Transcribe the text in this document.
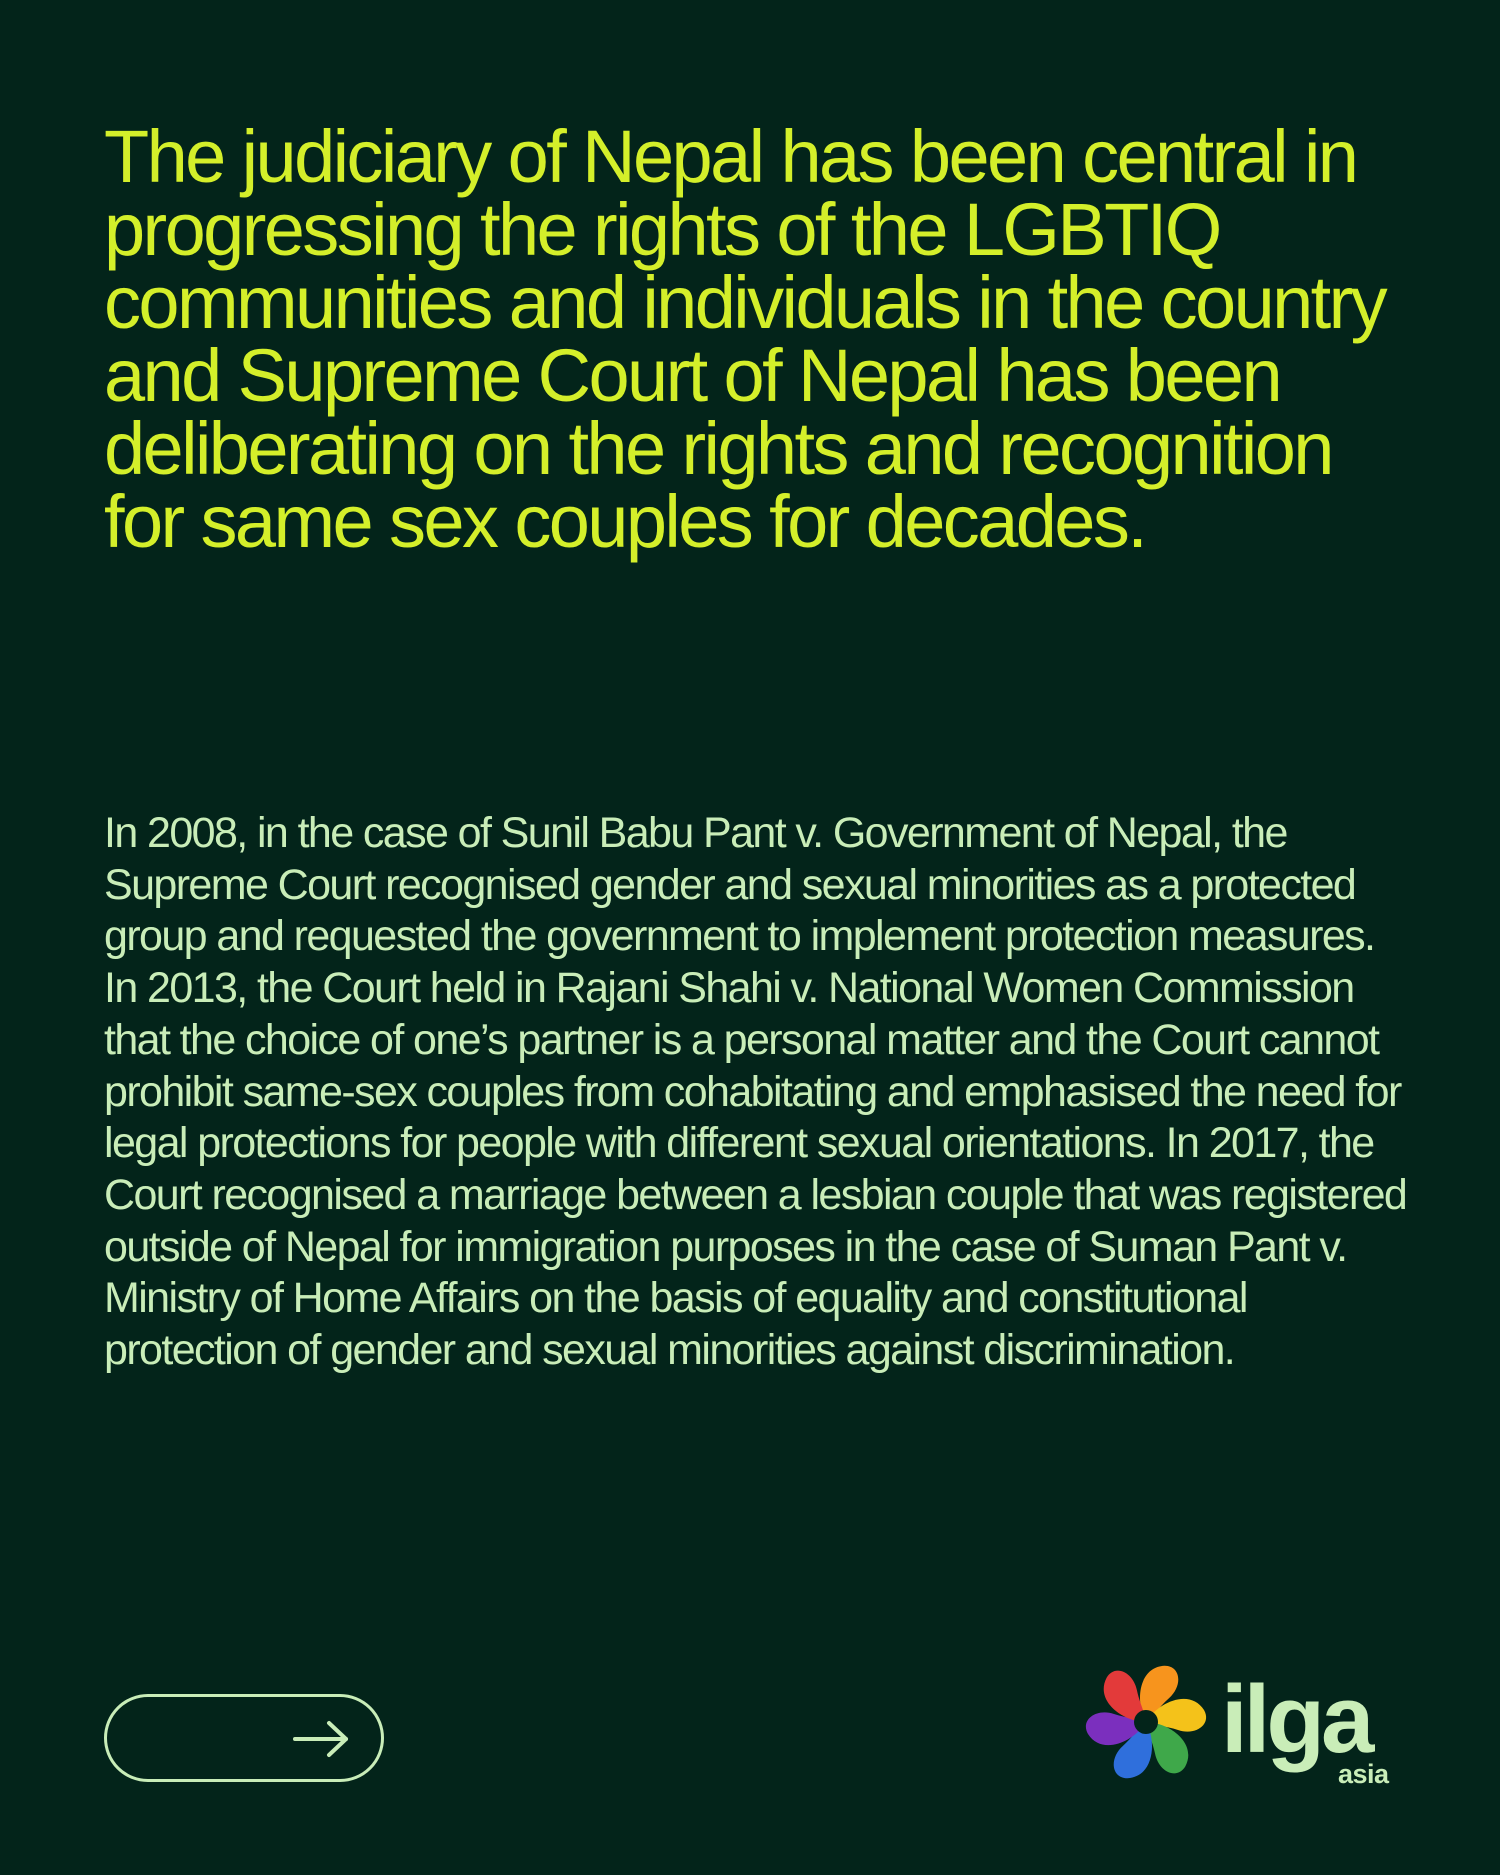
The judiciary of Nepal has been central in progressing the rights of the LGBTIQ communities and individuals in the country and Supreme Court of Nepal has been deliberating on the rights and recognition for same sex couples for decades.

In 2008, in the case of Sunil Babu Pant v. Government of Nepal, the Supreme Court recognised gender and sexual minorities as a protected group and requested the government to implement protection measures.

In 2013, the Court held in Rajani Shahi v. National Women Commission that the choice of one’s partner is a personal matter and the Court cannot prohibit same-sex couples from cohabitating and emphasised the need for legal protections for people with different sexual orientations. In 2017, the Court recognised a marriage between a lesbian couple that was registered outside of Nepal for immigration purposes in the case of Suman Pant v. Ministry of Home Affairs on the basis of equality and constitutional protection of gender and sexual minorities against discrimination.

ilga
asia
